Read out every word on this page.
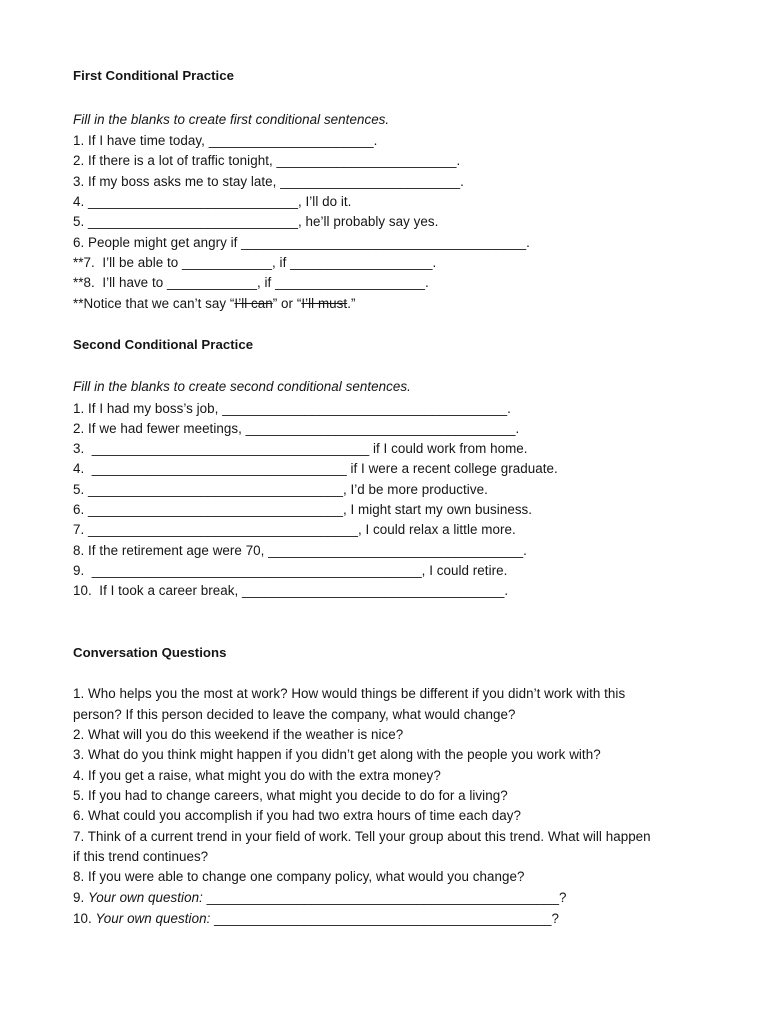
First Conditional Practice

Fill in the blanks to create first conditional sentences.

1. If I have time today, ______________________.

2. If there is a lot of traffic tonight, ________________________.

3. If my boss asks me to stay late, ________________________.

4. ____________________________, I’ll do it.

5. ____________________________, he’ll probably say yes.

6. People might get angry if ______________________________________.

**7.  I’ll be able to ____________, if ___________________.

**8.  I’ll have to ____________, if ____________________.

**Notice that we can’t say “I’ll can” or “I’ll must.”

Second Conditional Practice

Fill in the blanks to create second conditional sentences.

1. If I had my boss’s job, ______________________________________.

2. If we had fewer meetings, ____________________________________.

3.  _____________________________________ if I could work from home.

4.  __________________________________ if I were a recent college graduate.

5. __________________________________, I’d be more productive.

6. __________________________________, I might start my own business.

7. ____________________________________, I could relax a little more.

8. If the retirement age were 70, __________________________________.

9.  ____________________________________________, I could retire.

10.  If I took a career break, ___________________________________.

Conversation Questions

1. Who helps you the most at work? How would things be different if you didn’t work with this

person? If this person decided to leave the company, what would change?

2. What will you do this weekend if the weather is nice?

3. What do you think might happen if you didn’t get along with the people you work with?

4. If you get a raise, what might you do with the extra money?

5. If you had to change careers, what might you decide to do for a living?

6. What could you accomplish if you had two extra hours of time each day?

7. Think of a current trend in your field of work. Tell your group about this trend. What will happen

if this trend continues?

8. If you were able to change one company policy, what would you change?

9. Your own question: _______________________________________________?

10. Your own question: _____________________________________________?
